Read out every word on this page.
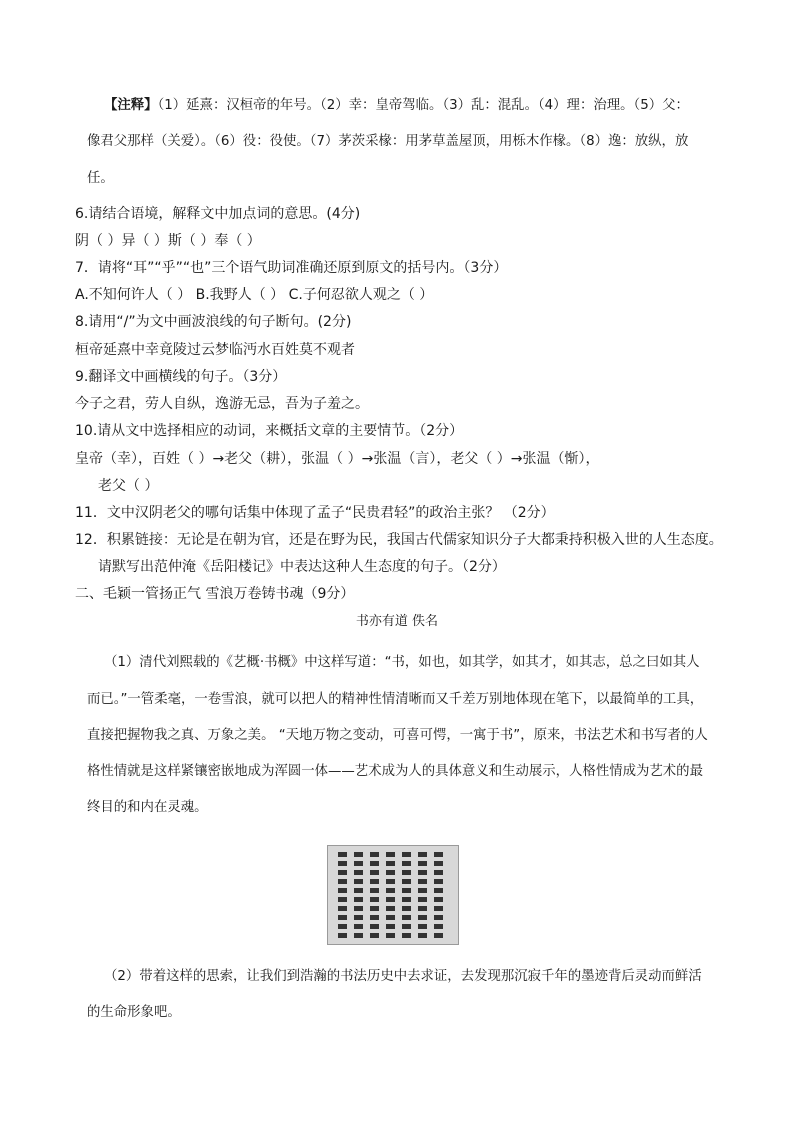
【注释】（1）延熹：汉桓帝的年号。（2）幸：皇帝驾临。（3）乱：混乱。（4）理：治理。（5）父：
像君父那样（关爱）。（6）役：役使。（7）茅茨采椽：用茅草盖屋顶，用栎木作椽。（8）逸：放纵，放
任。
6.请结合语境，解释文中加点词的意思。(4分)
阴（ ）异（ ）斯（ ）奉（ ）
7．请将“耳”“乎”“也”三个语气助词准确还原到原文的括号内。（3分）
A.不知何许人（ ） B.我野人（ ） C.子何忍欲人观之（ ）
8.请用“/”为文中画波浪线的句子断句。(2分)
桓帝延熹中幸竟陵过云梦临沔水百姓莫不观者
9.翻译文中画横线的句子。（3分）
今子之君，劳人自纵，逸游无忌，吾为子羞之。
10.请从文中选择相应的动词，来概括文章的主要情节。（2分）
皇帝（幸），百姓（ ）→老父（耕），张温（ ）→张温（言），老父（ ）→张温（惭），
老父（ ）
11．文中汉阴老父的哪句话集中体现了孟子“民贵君轻”的政治主张？ （2分）
12．积累链接：无论是在朝为官，还是在野为民，我国古代儒家知识分子大都秉持积极入世的人生态度。
请默写出范仲淹《岳阳楼记》中表达这种人生态度的句子。（2分）
二、毛颖一管扬正气 雪浪万卷铸书魂（9分）
书亦有道 佚名
（1）清代刘熙载的《艺概·书概》中这样写道：“书，如也，如其学，如其才，如其志，总之曰如其人
而已。”一管柔毫，一卷雪浪，就可以把人的精神性情清晰而又千差万别地体现在笔下，以最简单的工具，
直接把握物我之真、万象之美。 “天地万物之变动，可喜可愕，一寓于书”，原来，书法艺术和书写者的人
格性情就是这样紧镶密嵌地成为浑圆一体——艺术成为人的具体意义和生动展示，人格性情成为艺术的最
终目的和内在灵魂。
（2）带着这样的思索，让我们到浩瀚的书法历史中去求证，去发现那沉寂千年的墨迹背后灵动而鲜活
的生命形象吧。
